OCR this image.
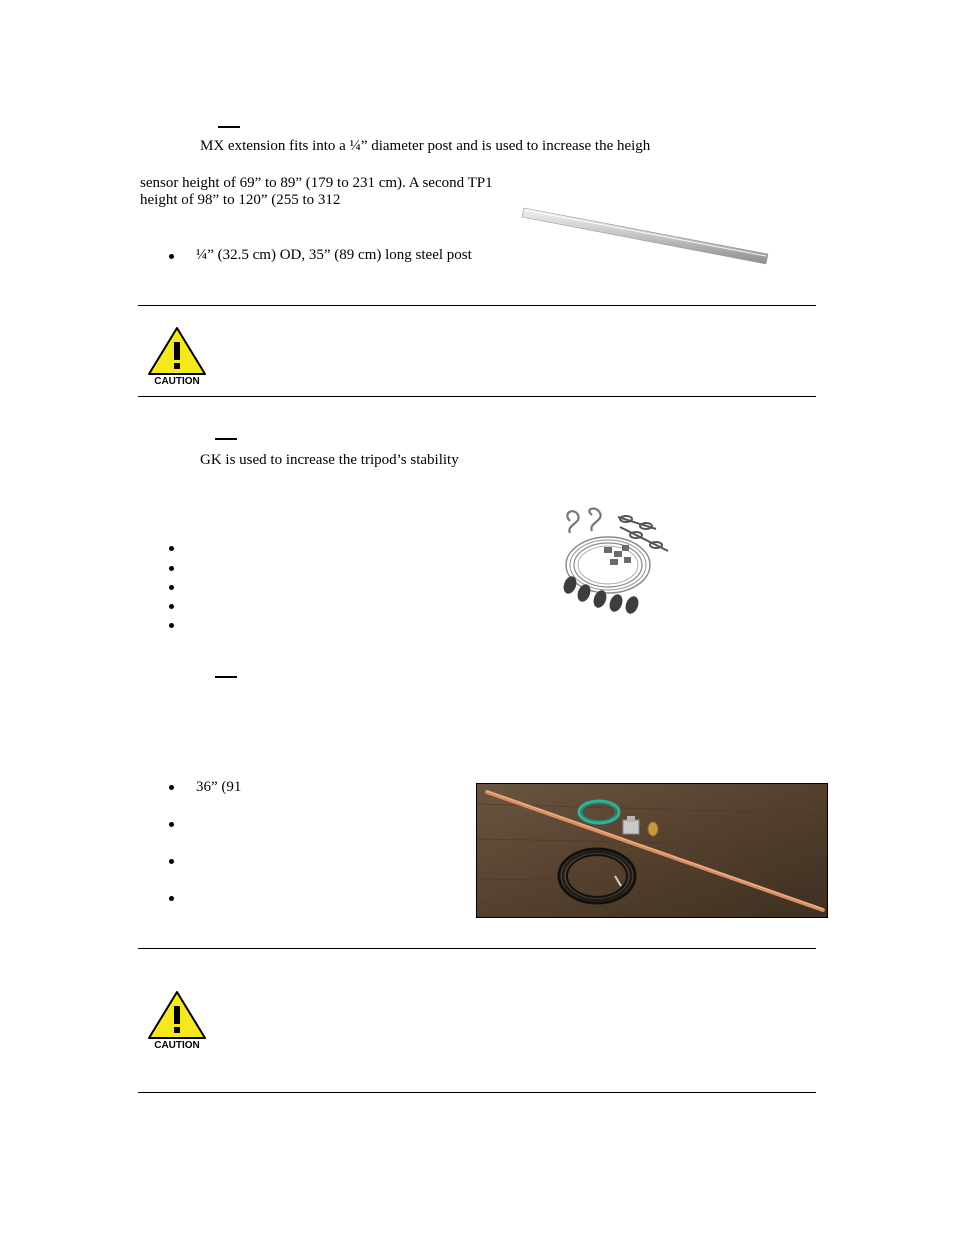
MX extension fits into a ¼” diameter post and is used to increase the heigh
sensor height of 69” to 89” (179 to 231 cm). A second TP1
height of 98” to 120” (255 to 312
¼” (32.5 cm) OD, 35” (89 cm) long steel post
CAUTION
GK is used to increase the tripod’s stability
36” (91
CAUTION
